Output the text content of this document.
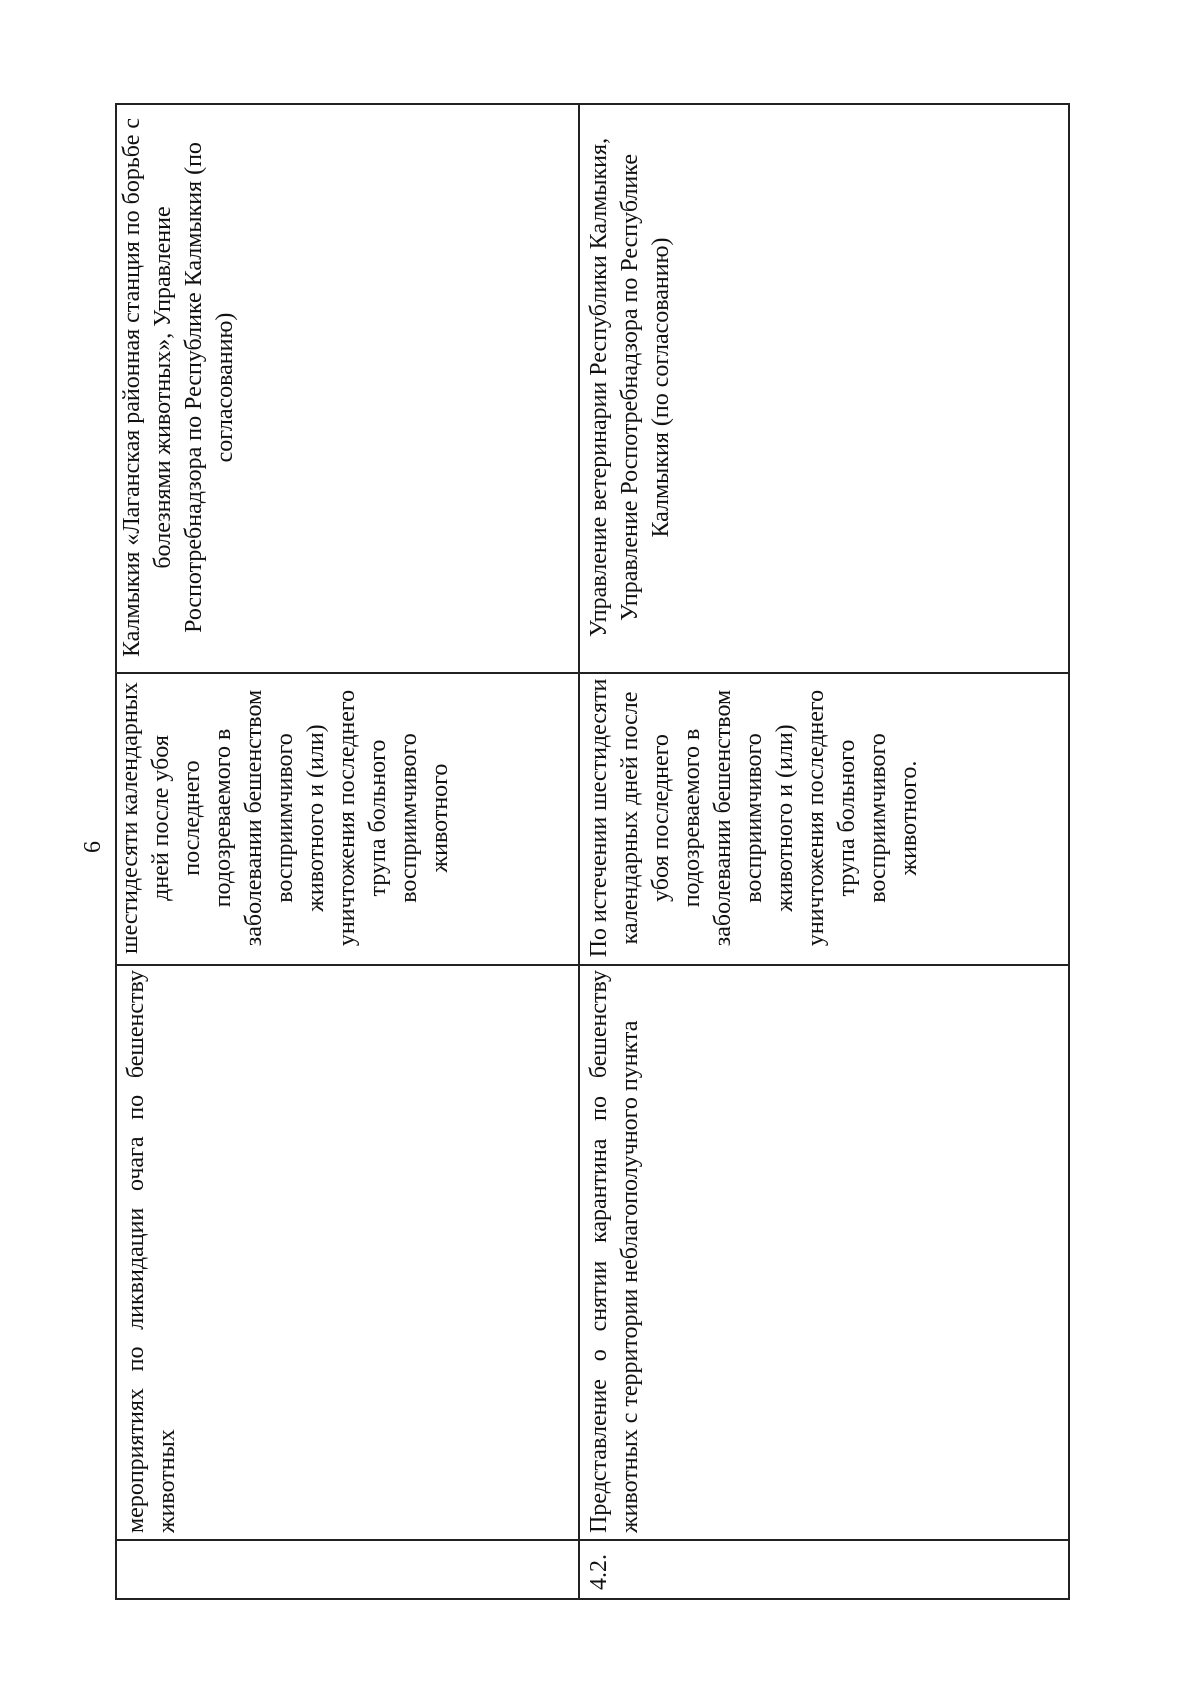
6
мероприятиях по ликвидации очага по бешенству животных
шестидесяти календарных дней после убоя последнего подозреваемого в заболевании бешенством восприимчивого животного и (или) уничтожения последнего трупа больного восприимчивого животного
Калмыкия «Лаганская районная станция по борьбе с болезнями животных», Управление Роспотребнадзора по Республике Калмыкия (по согласованию)
4.2.
Представление о снятии карантина по бешенству животных с территории неблагополучного пункта
По истечении шестидесяти календарных дней после убоя последнего подозреваемого в заболевании бешенством восприимчивого животного и (или) уничтожения последнего трупа больного восприимчивого животного.
Управление ветеринарии Республики Калмыкия, Управление Роспотребнадзора по Республике Калмыкия (по согласованию)
